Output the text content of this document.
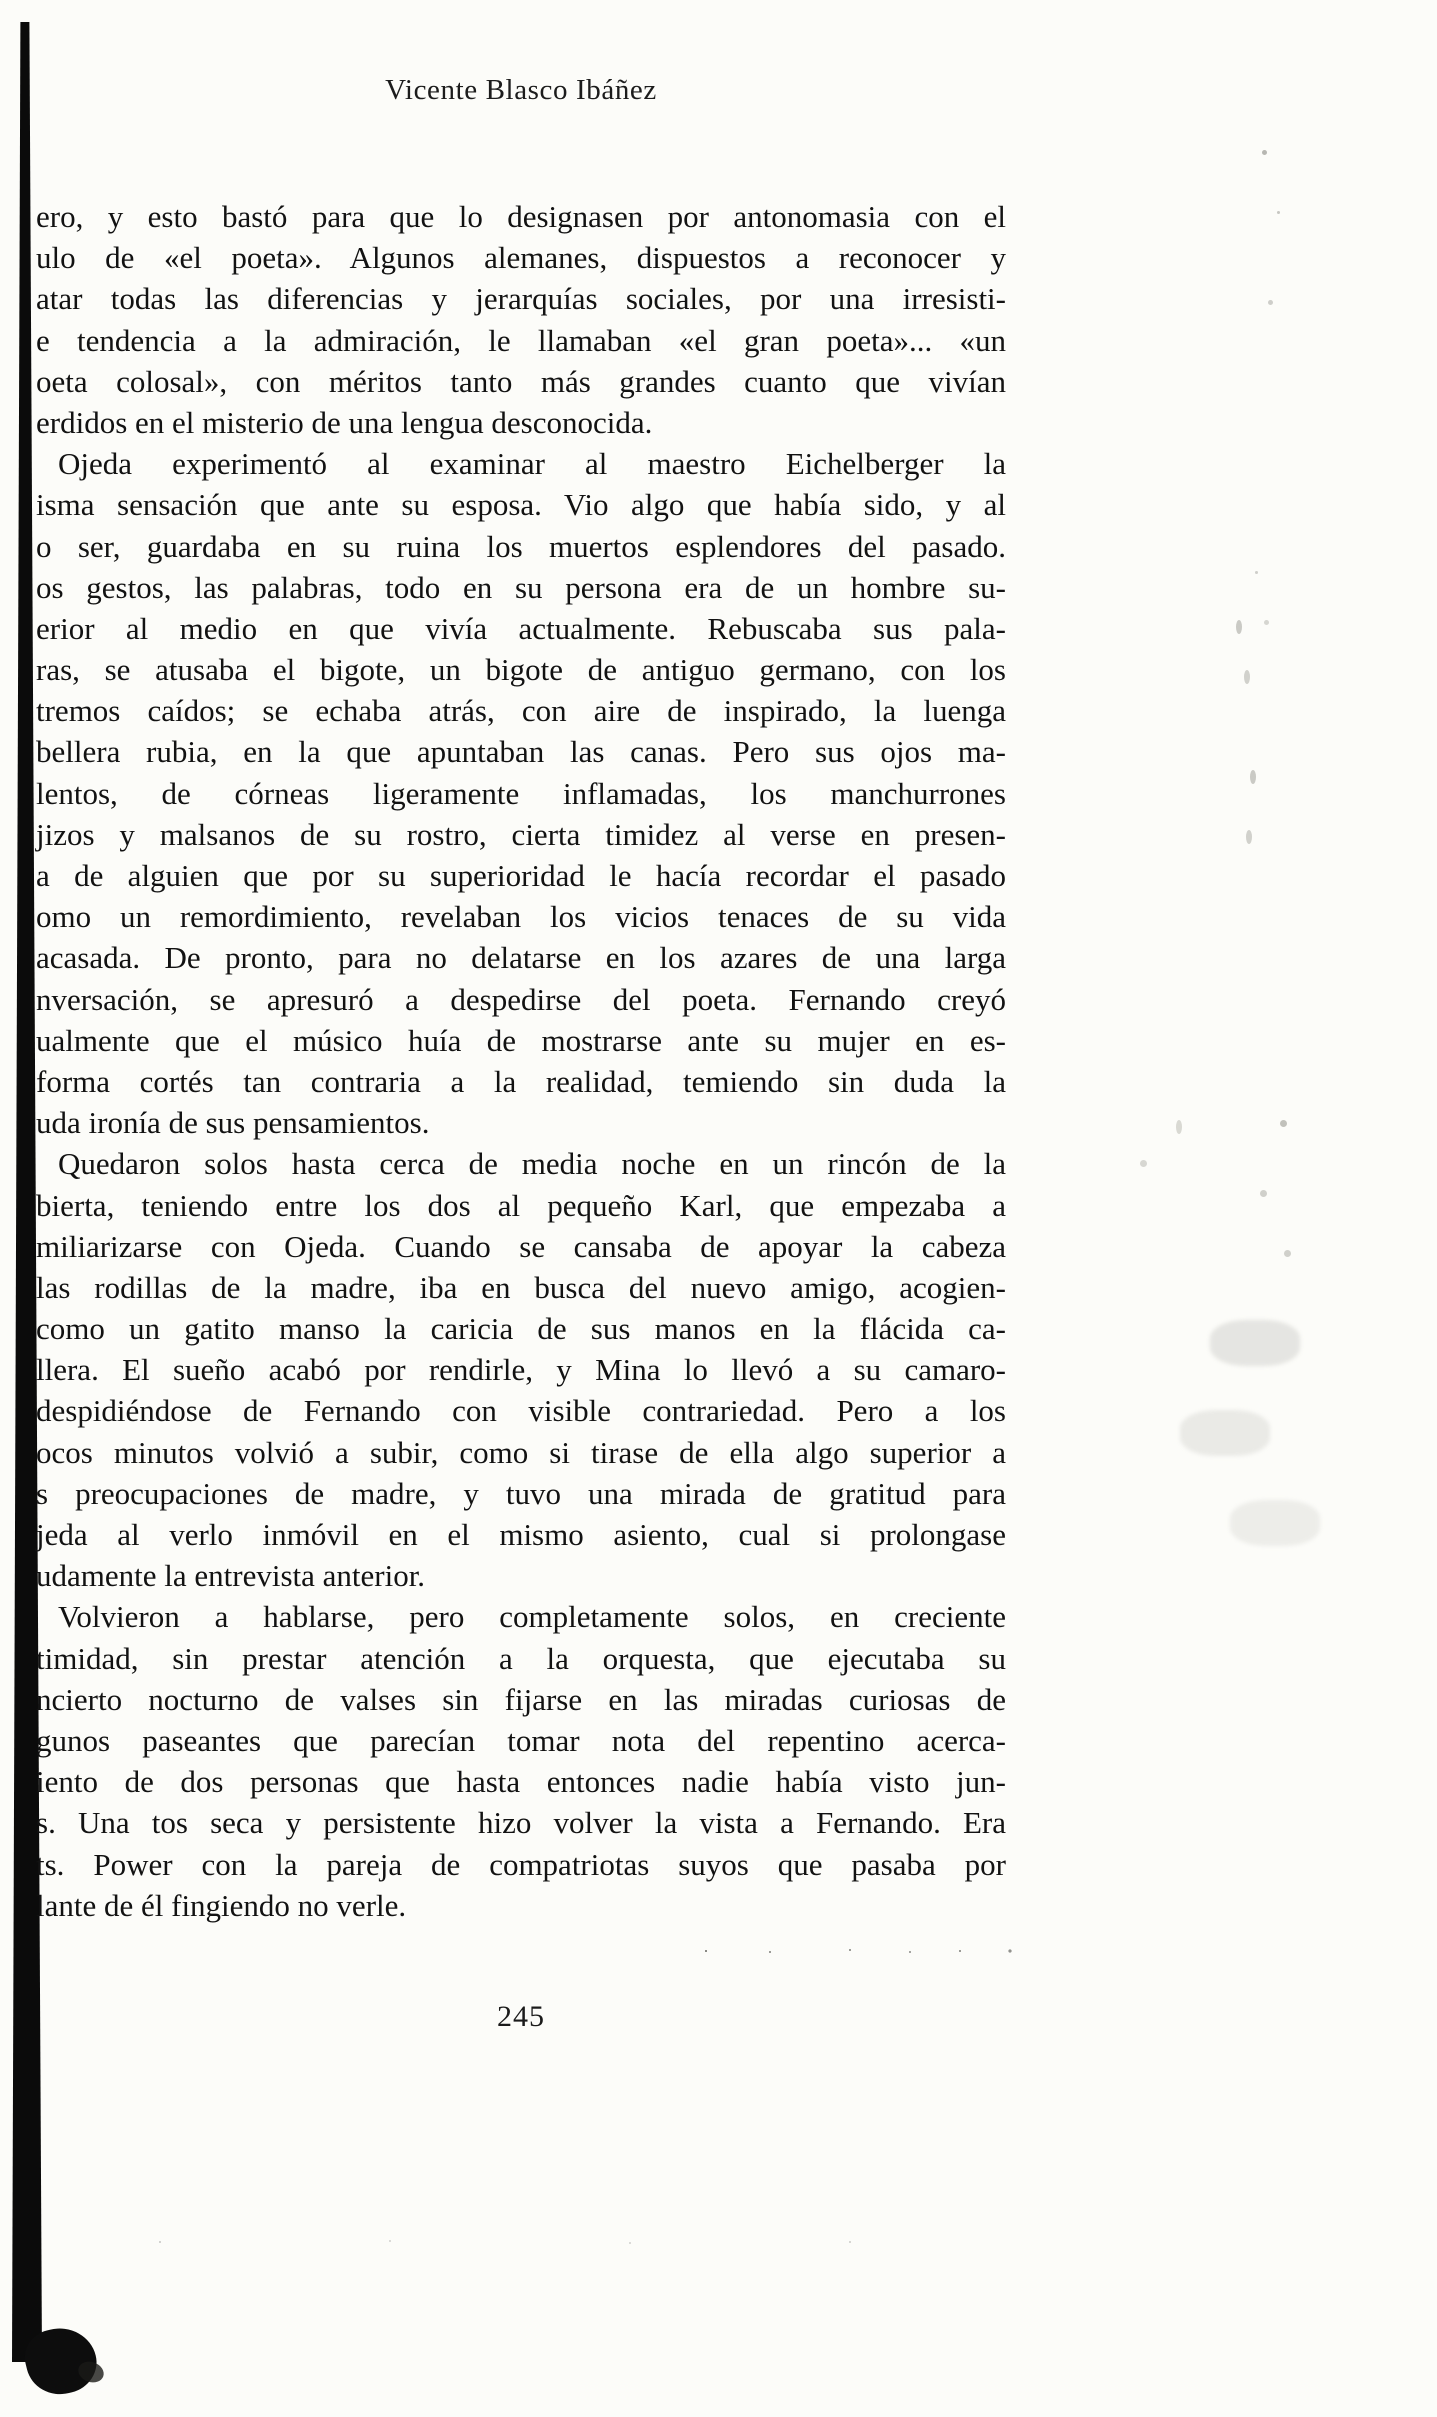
Vicente Blasco Ibáñez
ero, y esto bastó para que lo designasen por antonomasia con el
ulo de «el poeta». Algunos alemanes, dispuestos a reconocer y
atar todas las diferencias y jerarquías sociales, por una irresisti-
e tendencia a la admiración, le llamaban «el gran poeta»... «un
oeta colosal», con méritos tanto más grandes cuanto que vivían
erdidos en el misterio de una lengua desconocida.
Ojeda experimentó al examinar al maestro Eichelberger la
isma sensación que ante su esposa. Vio algo que había sido, y al
o ser, guardaba en su ruina los muertos esplendores del pasado.
os gestos, las palabras, todo en su persona era de un hombre su-
erior al medio en que vivía actualmente. Rebuscaba sus pala-
ras, se atusaba el bigote, un bigote de antiguo germano, con los
tremos caídos; se echaba atrás, con aire de inspirado, la luenga
bellera rubia, en la que apuntaban las canas. Pero sus ojos ma-
lentos, de córneas ligeramente inflamadas, los manchurrones
jizos y malsanos de su rostro, cierta timidez al verse en presen-
a de alguien que por su superioridad le hacía recordar el pasado
omo un remordimiento, revelaban los vicios tenaces de su vida
acasada. De pronto, para no delatarse en los azares de una larga
nversación, se apresuró a despedirse del poeta. Fernando creyó
ualmente que el músico huía de mostrarse ante su mujer en es-
forma cortés tan contraria a la realidad, temiendo sin duda la
uda ironía de sus pensamientos.
Quedaron solos hasta cerca de media noche en un rincón de la
bierta, teniendo entre los dos al pequeño Karl, que empezaba a
miliarizarse con Ojeda. Cuando se cansaba de apoyar la cabeza
las rodillas de la madre, iba en busca del nuevo amigo, acogien-
como un gatito manso la caricia de sus manos en la flácida ca-
llera. El sueño acabó por rendirle, y Mina lo llevó a su camaro-
despidiéndose de Fernando con visible contrariedad. Pero a los
ocos minutos volvió a subir, como si tirase de ella algo superior a
s preocupaciones de madre, y tuvo una mirada de gratitud para
jeda al verlo inmóvil en el mismo asiento, cual si prolongase
udamente la entrevista anterior.
Volvieron a hablarse, pero completamente solos, en creciente
timidad, sin prestar atención a la orquesta, que ejecutaba su
ncierto nocturno de valses sin fijarse en las miradas curiosas de
gunos paseantes que parecían tomar nota del repentino acerca-
iento de dos personas que hasta entonces nadie había visto jun-
s. Una tos seca y persistente hizo volver la vista a Fernando. Era
ts. Power con la pareja de compatriotas suyos que pasaba por
lante de él fingiendo no verle.
245
